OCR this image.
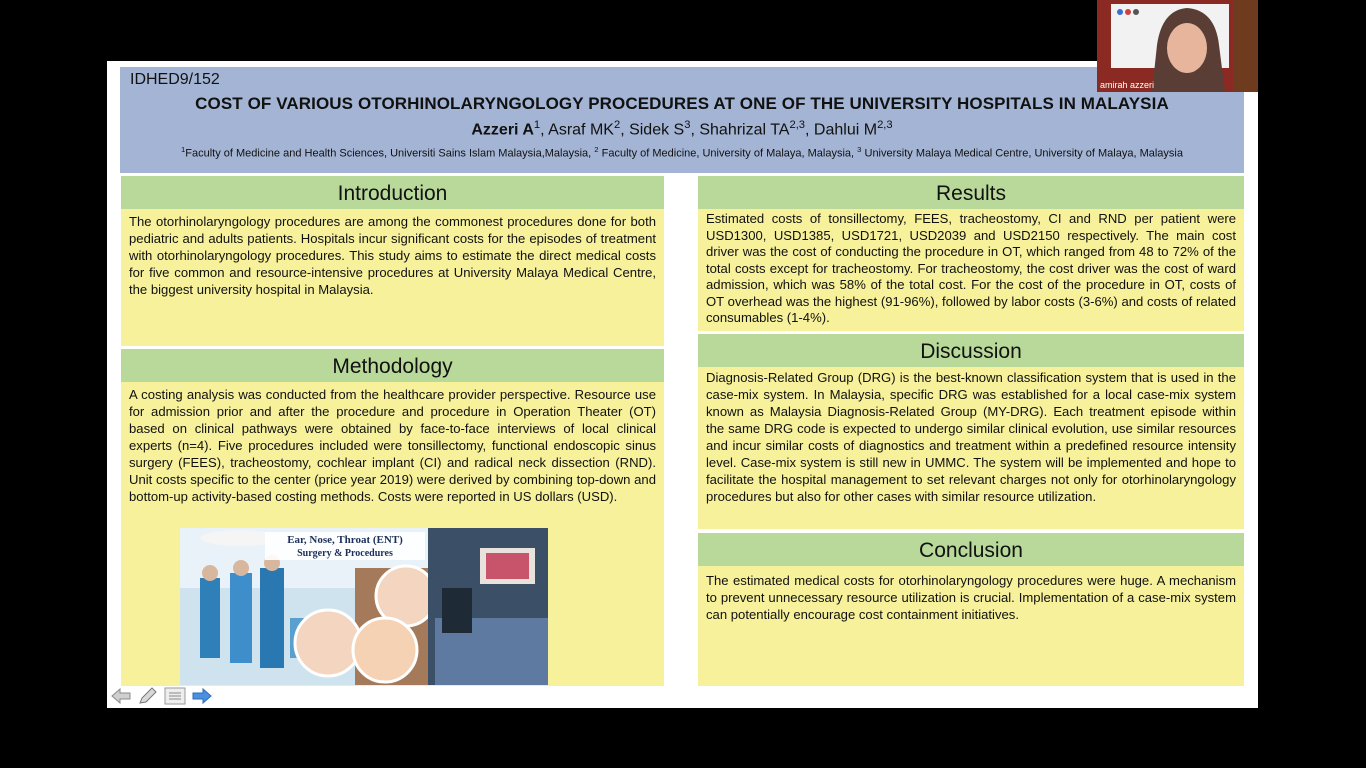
IDHED9/152
COST OF VARIOUS OTORHINOLARYNGOLOGY PROCEDURES AT ONE OF THE UNIVERSITY HOSPITALS IN MALAYSIA
Azzeri $A^1$, Asraf $MK^2$, Sidek $S^3$, Shahrizal TA$^{2,3}$, Dahlui M$^{2,3}$
$^1$Faculty of Medicine and Health Sciences, Universiti Sains Islam Malaysia,Malaysia, $^2$ Faculty of Medicine, University of Malaya, Malaysia, $^3$ University Malaya Medical Centre, University of Malaya, Malaysia
Introduction
The otorhinolaryngology procedures are among the commonest procedures done for both pediatric and adults patients. Hospitals incur significant costs for the episodes of treatment with otorhinolaryngology procedures. This study aims to estimate the direct medical costs for five common and resource-intensive procedures at University Malaya Medical Centre, the biggest university hospital in Malaysia.
Methodology
A costing analysis was conducted from the healthcare provider perspective. Resource use for admission prior and after the procedure and procedure in Operation Theater (OT) based on clinical pathways were obtained by face-to-face interviews of local clinical experts (n=4). Five procedures included were tonsillectomy, functional endoscopic sinus surgery (FEES), tracheostomy, cochlear implant (CI) and radical neck dissection (RND). Unit costs specific to the center (price year 2019) were derived by combining top-down and bottom-up activity-based costing methods. Costs were reported in US dollars (USD).
Ear, Nose, Throat (ENT)
Surgery & Procedures
Results
Estimated costs of tonsillectomy, FEES, tracheostomy, CI and RND per patient were USD1300, USD1385, USD1721, USD2039 and USD2150 respectively. The main cost driver was the cost of conducting the procedure in OT, which ranged from 48 to 72% of the total costs except for tracheostomy. For tracheostomy, the cost driver was the cost of ward admission, which was 58% of the total cost. For the cost of the procedure in OT, costs of OT overhead was the highest (91-96%), followed by labor costs (3-6%) and costs of related consumables (1-4%).
Discussion
Diagnosis-Related Group (DRG) is the best-known classification system that is used in the case-mix system. In Malaysia, specific DRG was established for a local case-mix system known as Malaysia Diagnosis-Related Group (MY-DRG). Each treatment episode within the same DRG code is expected to undergo similar clinical evolution, use similar resources and incur similar costs of diagnostics and treatment within a predefined resource intensity level. Case-mix system is still new in UMMC. The system will be implemented and hope to facilitate the hospital management to set relevant charges not only for otorhinolaryngology procedures but also for other cases with similar resource utilization.
Conclusion
The estimated medical costs for otorhinolaryngology procedures were huge. A mechanism to prevent unnecessary resource utilization is crucial. Implementation of a case-mix system can potentially encourage cost containment initiatives.
amirah azzeri
